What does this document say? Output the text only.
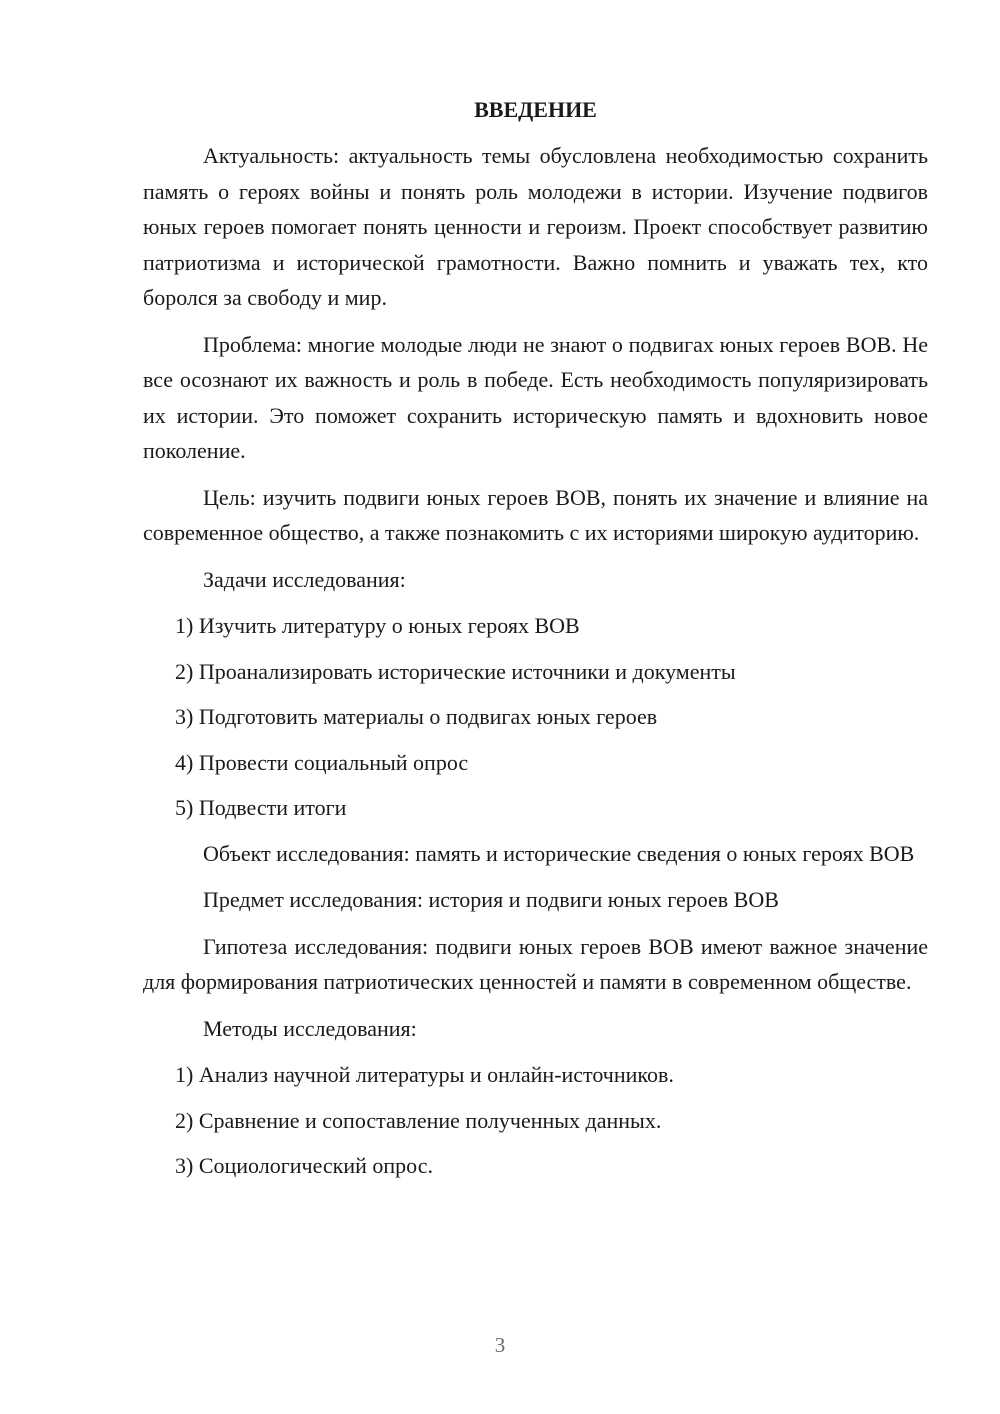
ВВЕДЕНИЕ

Актуальность: актуальность темы обусловлена необходимостью сохранить память о героях войны и понять роль молодежи в истории. Изучение подвигов юных героев помогает понять ценности и героизм. Проект способствует развитию патриотизма и исторической грамотности. Важно помнить и уважать тех, кто боролся за свободу и мир.

Проблема: многие молодые люди не знают о подвигах юных героев ВОВ. Не все осознают их важность и роль в победе. Есть необходимость популяризировать их истории. Это поможет сохранить историческую память и вдохновить новое поколение.

Цель: изучить подвиги юных героев ВОВ, понять их значение и влияние на современное общество, а также познакомить с их историями широкую аудиторию.

Задачи исследования:

1) Изучить литературу о юных героях ВОВ
2) Проанализировать исторические источники и документы
3) Подготовить материалы о подвигах юных героев
4) Провести социальный опрос
5) Подвести итоги

Объект исследования: память и исторические сведения о юных героях ВОВ

Предмет исследования: история и подвиги юных героев ВОВ

Гипотеза исследования: подвиги юных героев ВОВ имеют важное значение для формирования патриотических ценностей и памяти в современном обществе.

Методы исследования:

1) Анализ научной литературы и онлайн-источников.
2) Сравнение и сопоставление полученных данных.
3) Социологический опрос.
3
